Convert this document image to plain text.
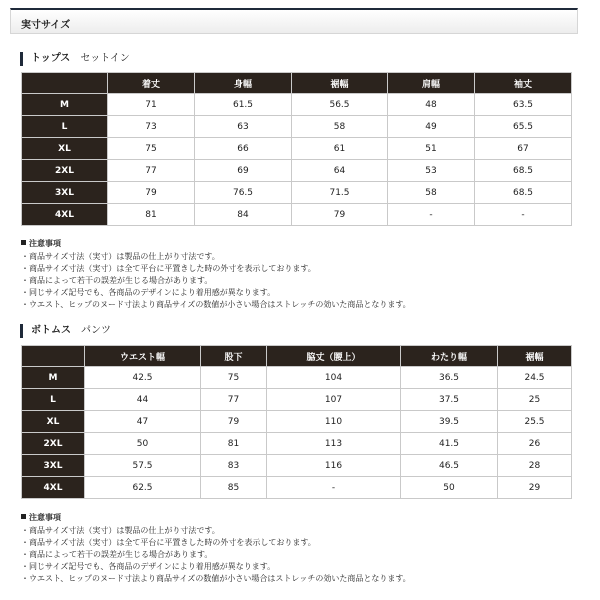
実寸サイズ
トップス セットイン
	着丈	身幅	裾幅	肩幅	袖丈
M	71	61.5	56.5	48	63.5
L	73	63	58	49	65.5
XL	75	66	61	51	67
2XL	77	69	64	53	68.5
3XL	79	76.5	71.5	58	68.5
4XL	81	84	79	-	-
注意事項
・商品サイズ寸法（実寸）は製品の仕上がり寸法です。
・商品サイズ寸法（実寸）は全て平台に平置きした時の外寸を表示しております。
・商品によって若干の誤差が生じる場合があります。
・同じサイズ記号でも、各商品のデザインにより着用感が異なります。
・ウエスト、ヒップのヌード寸法より商品サイズの数値が小さい場合はストレッチの効いた商品となります。
ボトムス パンツ
	ウエスト幅	股下	脇丈（腰上）	わたり幅	裾幅
M	42.5	75	104	36.5	24.5
L	44	77	107	37.5	25
XL	47	79	110	39.5	25.5
2XL	50	81	113	41.5	26
3XL	57.5	83	116	46.5	28
4XL	62.5	85	-	50	29
注意事項
・商品サイズ寸法（実寸）は製品の仕上がり寸法です。
・商品サイズ寸法（実寸）は全て平台に平置きした時の外寸を表示しております。
・商品によって若干の誤差が生じる場合があります。
・同じサイズ記号でも、各商品のデザインにより着用感が異なります。
・ウエスト、ヒップのヌード寸法より商品サイズの数値が小さい場合はストレッチの効いた商品となります。
